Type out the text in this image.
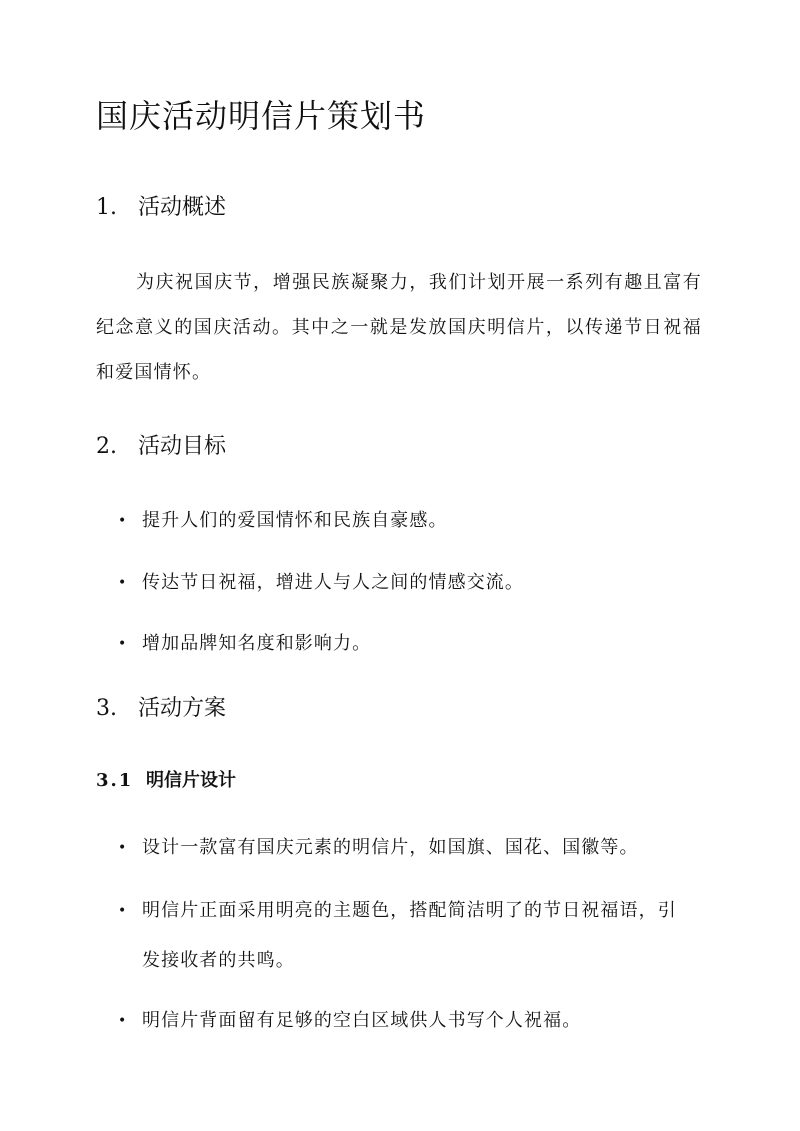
国庆活动明信片策划书
1. 活动概述

为庆祝国庆节，增强民族凝聚力，我们计划开展一系列有趣且富有纪念意义的国庆活动。其中之一就是发放国庆明信片，以传递节日祝福和爱国情怀。

2. 活动目标
• 提升人们的爱国情怀和民族自豪感。
• 传达节日祝福，增进人与人之间的情感交流。
• 增加品牌知名度和影响力。
3. 活动方案
3.1 明信片设计
• 设计一款富有国庆元素的明信片，如国旗、国花、国徽等。
• 明信片正面采用明亮的主题色，搭配简洁明了的节日祝福语，引发接收者的共鸣。
• 明信片背面留有足够的空白区域供人书写个人祝福。
